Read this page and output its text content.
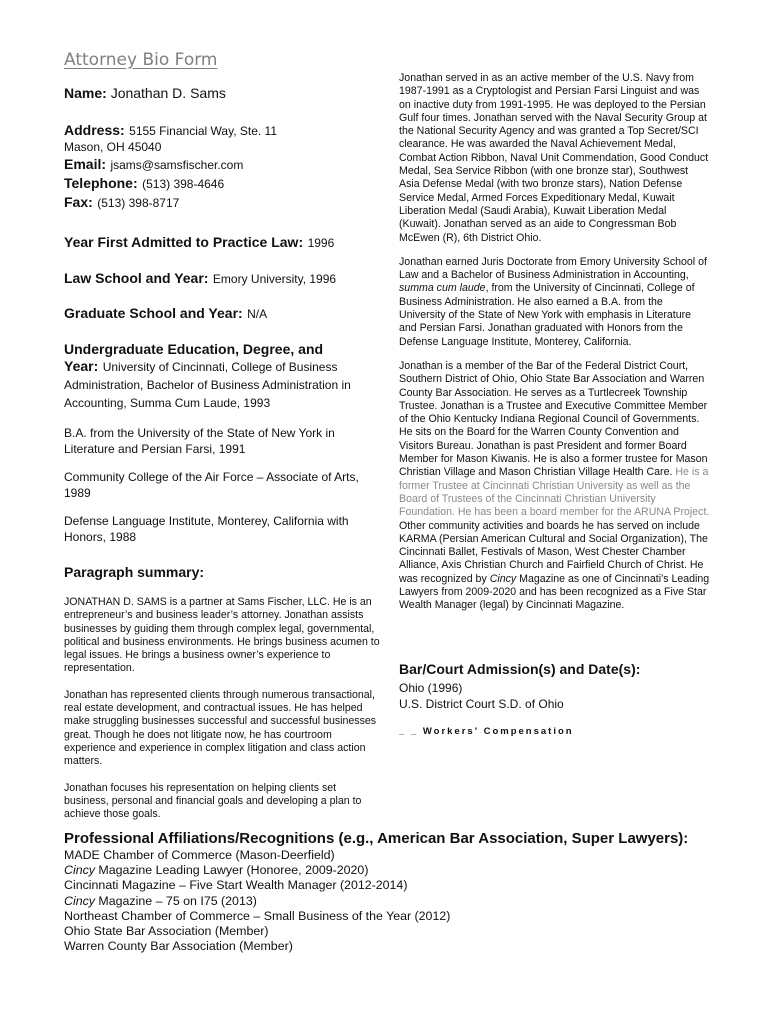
Attorney Bio Form
Name: Jonathan D. Sams
Address: 5155 Financial Way, Ste. 11
Mason, OH 45040
Email: jsams@samsfischer.com
Telephone: (513) 398-4646
Fax: (513) 398-8717
Year First Admitted to Practice Law: 1996
Law School and Year: Emory University, 1996
Graduate School and Year: N/A
Undergraduate Education, Degree, and
Year: University of Cincinnati, College of Business Administration, Bachelor of Business Administration in Accounting, Summa Cum Laude, 1993
B.A. from the University of the State of New York in Literature and Persian Farsi, 1991
Community College of the Air Force – Associate of Arts, 1989
Defense Language Institute, Monterey, California with Honors, 1988
Paragraph summary:

JONATHAN D. SAMS is a partner at Sams Fischer, LLC. He is an entrepreneur’s and business leader’s attorney. Jonathan assists businesses by guiding them through complex legal, governmental, political and business environments. He brings business acumen to legal issues. He brings a business owner’s experience to representation.

Jonathan has represented clients through numerous transactional, real estate development, and contractual issues. He has helped make struggling businesses successful and successful businesses great. Though he does not litigate now, he has courtroom experience and experience in complex litigation and class action matters.

Jonathan focuses his representation on helping clients set business, personal and financial goals and developing a plan to achieve those goals.

Jonathan served in as an active member of the U.S. Navy from 1987-1991 as a Cryptologist and Persian Farsi Linguist and was on inactive duty from 1991-1995. He was deployed to the Persian Gulf four times. Jonathan served with the Naval Security Group at the National Security Agency and was granted a Top Secret/SCI clearance. He was awarded the Naval Achievement Medal, Combat Action Ribbon, Naval Unit Commendation, Good Conduct Medal, Sea Service Ribbon (with one bronze star), Southwest Asia Defense Medal (with two bronze stars), Nation Defense Service Medal, Armed Forces Expeditionary Medal, Kuwait Liberation Medal (Saudi Arabia), Kuwait Liberation Medal (Kuwait). Jonathan served as an aide to Congressman Bob McEwen (R), 6th District Ohio.

Jonathan earned Juris Doctorate from Emory University School of Law and a Bachelor of Business Administration in Accounting, summa cum laude, from the University of Cincinnati, College of Business Administration. He also earned a B.A. from the University of the State of New York with emphasis in Literature and Persian Farsi. Jonathan graduated with Honors from the Defense Language Institute, Monterey, California.

Jonathan is a member of the Bar of the Federal District Court, Southern District of Ohio, Ohio State Bar Association and Warren County Bar Association. He serves as a Turtlecreek Township Trustee. Jonathan is a Trustee and Executive Committee Member of the Ohio Kentucky Indiana Regional Council of Governments. He sits on the Board for the Warren County Convention and Visitors Bureau. Jonathan is past President and former Board Member for Mason Kiwanis. He is also a former trustee for Mason Christian Village and Mason Christian Village Health Care. He is a former Trustee at Cincinnati Christian University as well as the Board of Trustees of the Cincinnati Christian University Foundation. He has been a board member for the ARUNA Project. Other community activities and boards he has served on include KARMA (Persian American Cultural and Social Organization), The Cincinnati Ballet, Festivals of Mason, West Chester Chamber Alliance, Axis Christian Church and Fairfield Church of Christ. He was recognized by Cincy Magazine as one of Cincinnati’s Leading Lawyers from 2009-2020 and has been recognized as a Five Star Wealth Manager (legal) by Cincinnati Magazine.

Bar/Court Admission(s) and Date(s):
Ohio (1996)
U.S. District Court S.D. of Ohio
_ _ Workers' Compensation
Professional Affiliations/Recognitions (e.g., American Bar Association, Super Lawyers):
MADE Chamber of Commerce (Mason-Deerfield)
Cincy Magazine Leading Lawyer (Honoree, 2009-2020)
Cincinnati Magazine – Five Start Wealth Manager (2012-2014)
Cincy Magazine – 75 on I75 (2013)
Northeast Chamber of Commerce – Small Business of the Year (2012)
Ohio State Bar Association (Member)
Warren County Bar Association (Member)
